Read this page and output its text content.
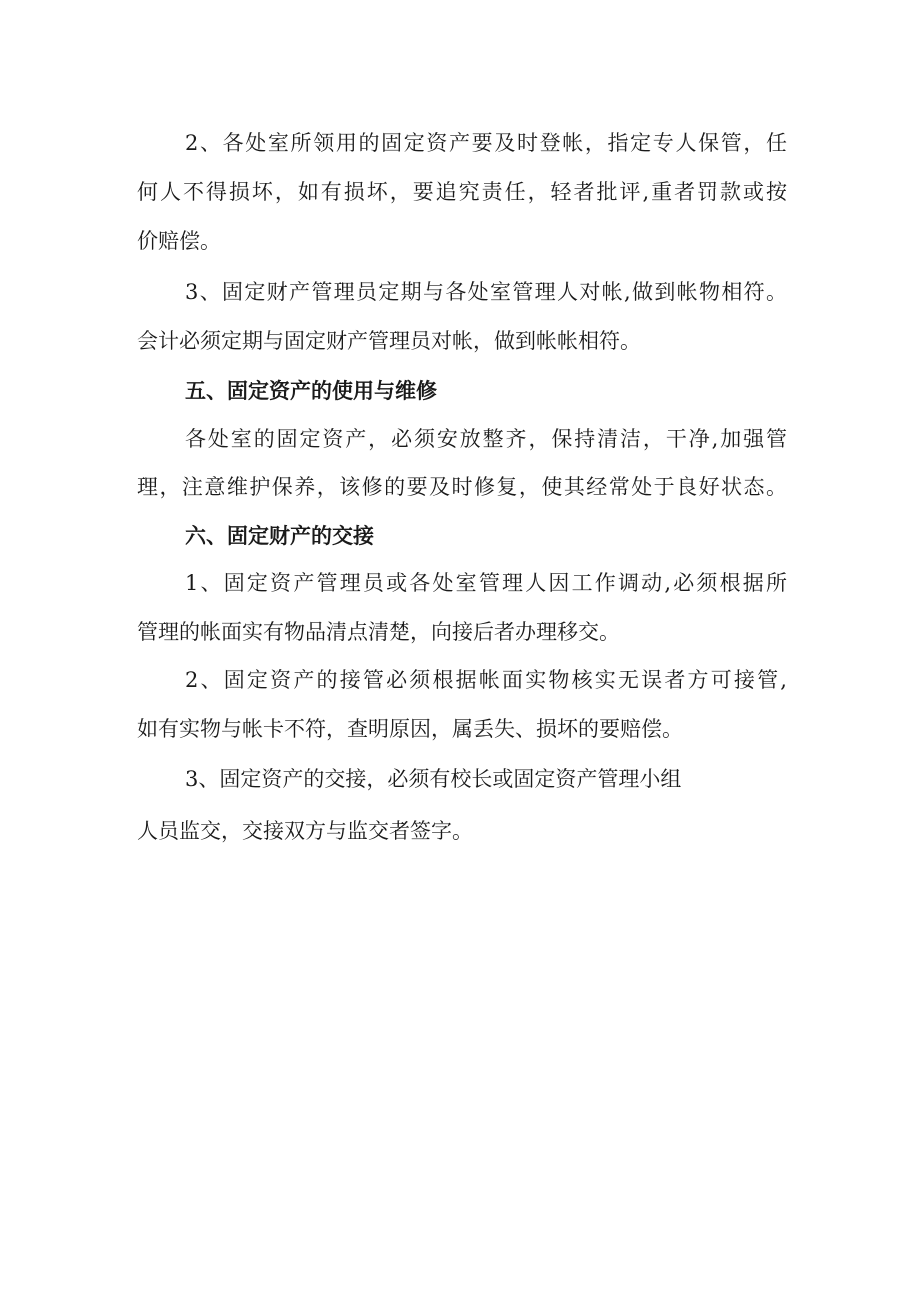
2、各处室所领用的固定资产要及时登帐，指定专人保管，任
何人不得损坏，如有损坏，要追究责任，轻者批评,重者罚款或按
价赔偿。
3、固定财产管理员定期与各处室管理人对帐,做到帐物相符。
会计必须定期与固定财产管理员对帐，做到帐帐相符。
五、固定资产的使用与维修
各处室的固定资产，必须安放整齐，保持清洁，干净,加强管
理，注意维护保养，该修的要及时修复，使其经常处于良好状态。
六、固定财产的交接
1、固定资产管理员或各处室管理人因工作调动,必须根据所
管理的帐面实有物品清点清楚，向接后者办理移交。
2、固定资产的接管必须根据帐面实物核实无误者方可接管,
如有实物与帐卡不符，查明原因，属丢失、损坏的要赔偿。
3、固定资产的交接，必须有校长或固定资产管理小组
人员监交，交接双方与监交者签字。
